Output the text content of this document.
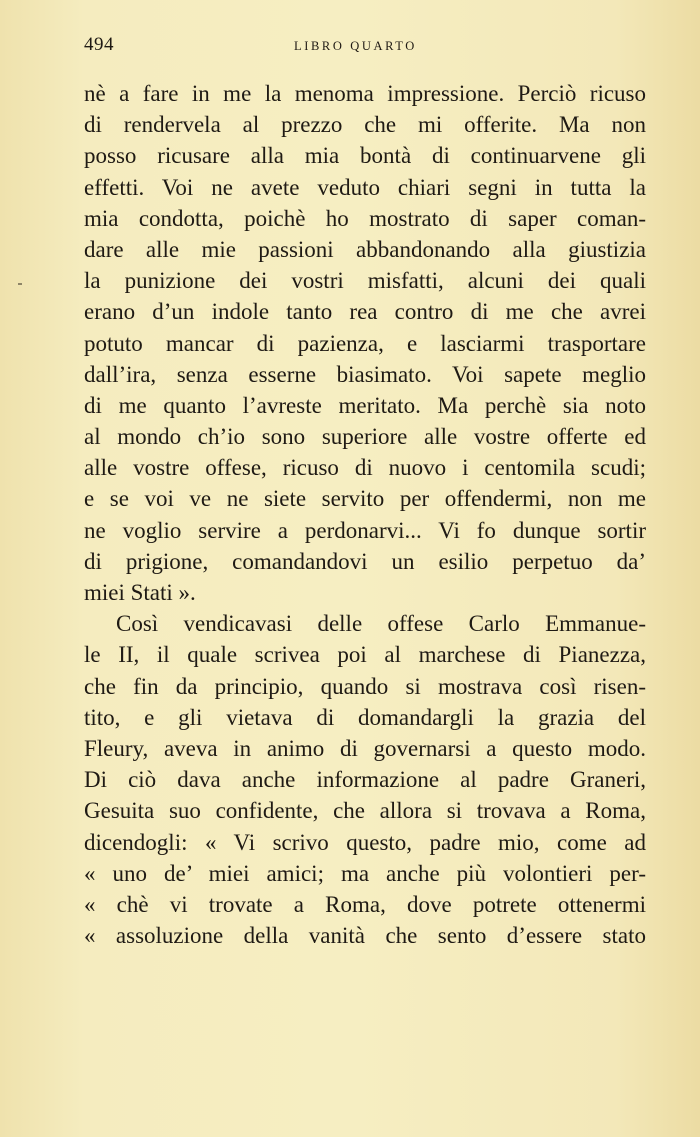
494	LIBRO QUARTO
nè a fare in me la menoma impressione. Perciò ricuso
di rendervela al prezzo che mi offerite. Ma non
posso ricusare alla mia bontà di continuarvene gli
effetti. Voi ne avete veduto chiari segni in tutta la
mia condotta, poichè ho mostrato di saper coman-
dare alle mie passioni abbandonando alla giustizia
la punizione dei vostri misfatti, alcuni dei quali
erano d’un indole tanto rea contro di me che avrei
potuto mancar di pazienza, e lasciarmi trasportare
dall’ira, senza esserne biasimato. Voi sapete meglio
di me quanto l’avreste meritato. Ma perchè sia noto
al mondo ch’io sono superiore alle vostre offerte ed
alle vostre offese, ricuso di nuovo i centomila scudi;
e se voi ve ne siete servito per offendermi, non me
ne voglio servire a perdonarvi... Vi fo dunque sortir
di prigione, comandandovi un esilio perpetuo da’
miei Stati ».
Così vendicavasi delle offese Carlo Emmanue-
le II, il quale scrivea poi al marchese di Pianezza,
che fin da principio, quando si mostrava così risen-
tito, e gli vietava di domandargli la grazia del
Fleury, aveva in animo di governarsi a questo modo.
Di ciò dava anche informazione al padre Graneri,
Gesuita suo confidente, che allora si trovava a Roma,
dicendogli: « Vi scrivo questo, padre mio, come ad
« uno de’ miei amici; ma anche più volontieri per-
« chè vi trovate a Roma, dove potrete ottenermi
« assoluzione della vanità che sento d’essere stato
